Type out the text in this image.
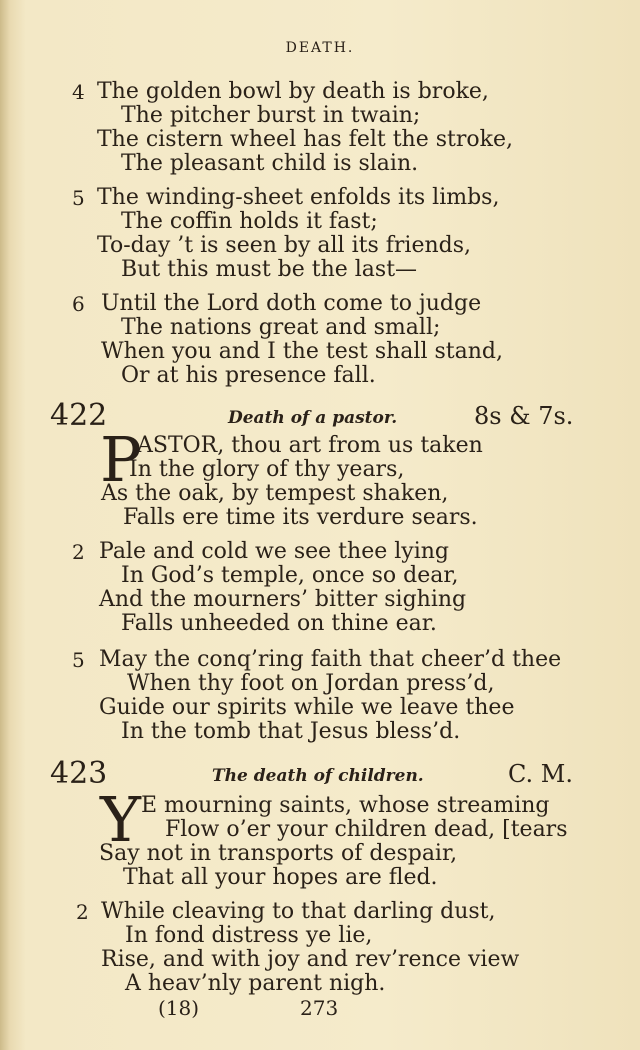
DEATH.
4 The golden bowl by death is broke,
The pitcher burst in twain;
The cistern wheel has felt the stroke,
The pleasant child is slain.
5 The winding-sheet enfolds its limbs,
The coffin holds it fast;
To-day ’t is seen by all its friends,
But this must be the last—
6 Until the Lord doth come to judge
The nations great and small;
When you and I the test shall stand,
Or at his presence fall.
422	Death of a pastor.	8s & 7s.
P
ASTOR, thou art from us taken
In the glory of thy years,
As the oak, by tempest shaken,
Falls ere time its verdure sears.
2 Pale and cold we see thee lying
In God’s temple, once so dear,
And the mourners’ bitter sighing
Falls unheeded on thine ear.
5 May the conq’ring faith that cheer’d thee
When thy foot on Jordan press’d,
Guide our spirits while we leave thee
In the tomb that Jesus bless’d.
423	The death of children.	C. M.
Y E mourning saints, whose streaming
Flow o’er your children dead, [tears
Say not in transports of despair,
That all your hopes are fled.
2 While cleaving to that darling dust,
In fond distress ye lie,
Rise, and with joy and rev’rence view
A heav’nly parent nigh.
(18)	273
